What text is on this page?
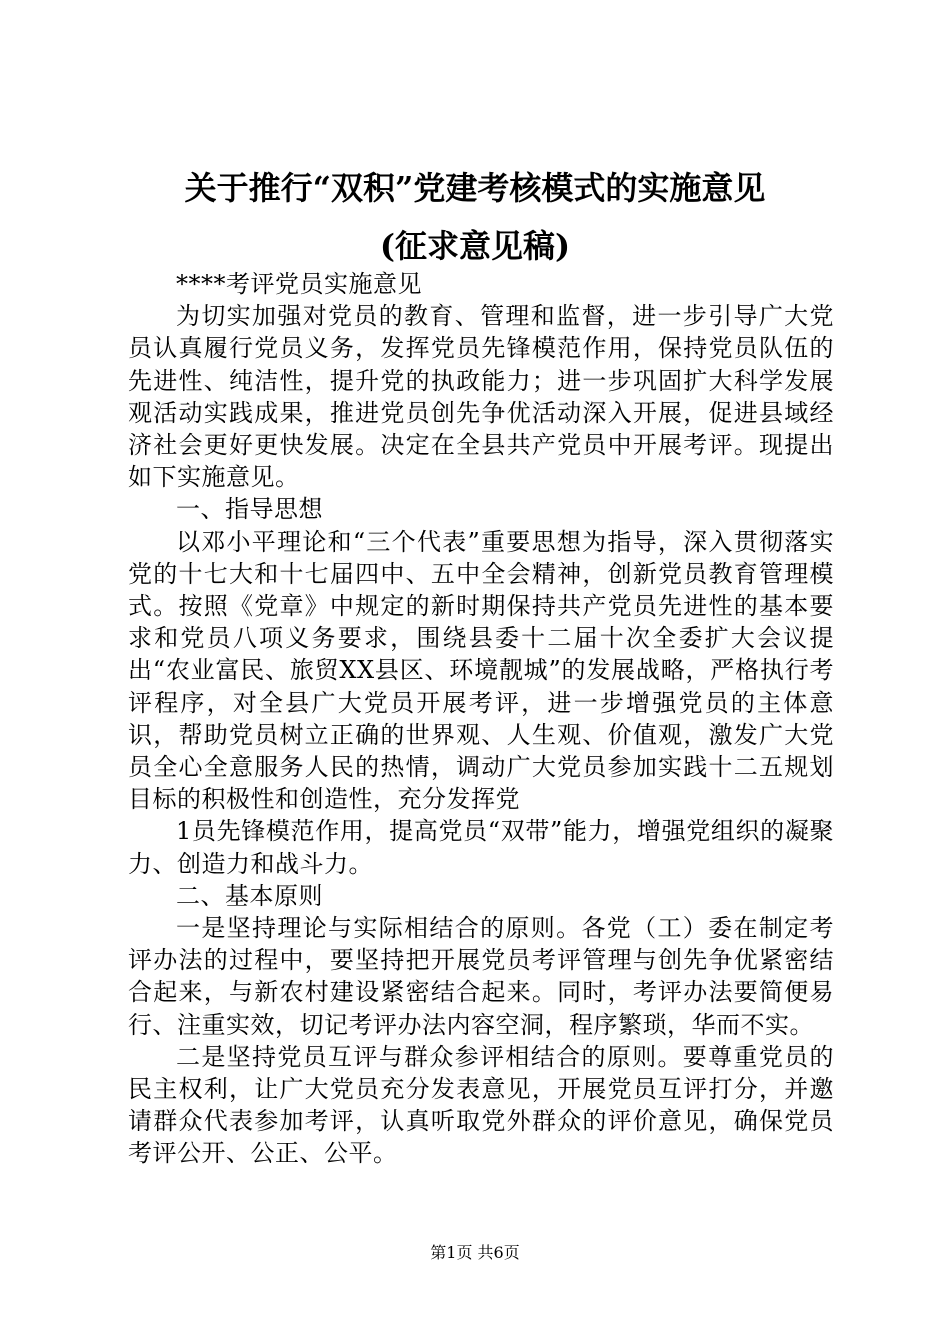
关于推行“双积”党建考核模式的实施意见
(征求意见稿)

****考评党员实施意见

为切实加强对党员的教育、管理和监督，进一步引导广大党员认真履行党员义务，发挥党员先锋模范作用，保持党员队伍的先进性、纯洁性，提升党的执政能力；进一步巩固扩大科学发展观活动实践成果，推进党员创先争优活动深入开展，促进县域经济社会更好更快发展。决定在全县共产党员中开展考评。现提出如下实施意见。

一、指导思想

以邓小平理论和“三个代表”重要思想为指导，深入贯彻落实党的十七大和十七届四中、五中全会精神，创新党员教育管理模式。按照《党章》中规定的新时期保持共产党员先进性的基本要求和党员八项义务要求，围绕县委十二届十次全委扩大会议提出“农业富民、旅贸XX县区、环境靓城”的发展战略，严格执行考评程序，对全县广大党员开展考评，进一步增强党员的主体意识，帮助党员树立正确的世界观、人生观、价值观，激发广大党员全心全意服务人民的热情，调动广大党员参加实践十二五规划目标的积极性和创造性，充分发挥党

1员先锋模范作用，提高党员“双带”能力，增强党组织的凝聚力、创造力和战斗力。

二、基本原则

一是坚持理论与实际相结合的原则。各党（工）委在制定考评办法的过程中，要坚持把开展党员考评管理与创先争优紧密结合起来，与新农村建设紧密结合起来。同时，考评办法要简便易行、注重实效，切记考评办法内容空洞，程序繁琐，华而不实。

二是坚持党员互评与群众参评相结合的原则。要尊重党员的民主权利，让广大党员充分发表意见，开展党员互评打分，并邀请群众代表参加考评，认真听取党外群众的评价意见，确保党员考评公开、公正、公平。

第1页 共6页
